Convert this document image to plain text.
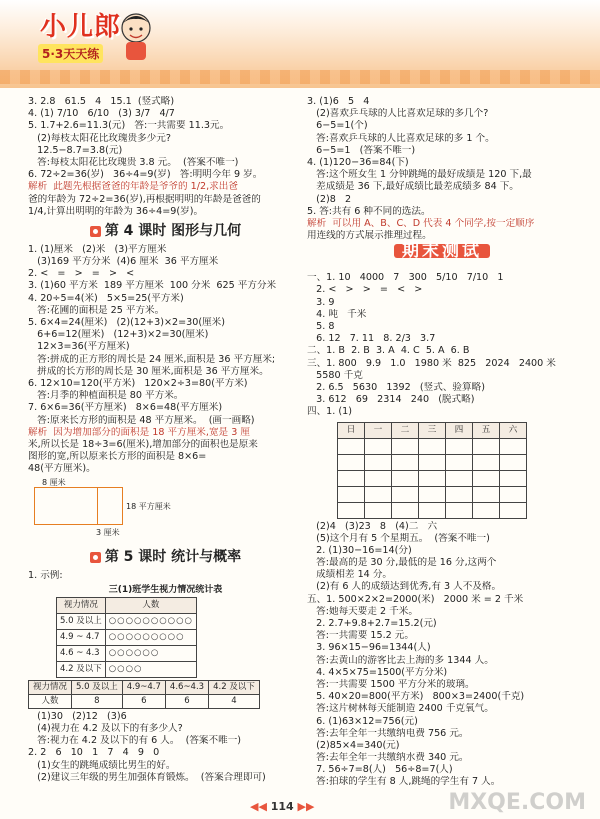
小儿郎
5·3天天练
3. 2.8   61.5   4   15.1  (竖式略)
4. (1) 7/10   6/10   (3) 3/7   4/7
5. 1.7+2.6=11.3(元)   答:一共需要 11.3元。
(2)每枝太阳花比玫瑰贵多少元?
12.5−8.7=3.8(元)
答:每枝太阳花比玫瑰贵 3.8 元。  (答案不唯一)
6. 72÷2=36(岁)   36÷4=9(岁)   答:明明今年 9 岁。
解析  此题先根据爸爸的年龄是爷爷的 1/2,求出爸
爸的年龄为 72÷2=36(岁),再根据明明的年龄是爸爸的
1/4,计算出明明的年龄为 36÷4=9(岁)。
第 4 课时 图形与几何
1. (1)厘米   (2)米   (3)平方厘米
(3)169 平方分米  (4)6 厘米  36 平方厘米
2. <   =   >   =   >   <
3. (1)60 平方米  189 平方厘米  100 分米  625 平方分米
4. 20÷5=4(米)   5×5=25(平方米)
答:花圃的面积是 25 平方米。
5. 6×4=24(厘米)   (2)(12+3)×2=30(厘米)
6+6=12(厘米)   (12+3)×2=30(厘米)
12×3=36(平方厘米)
答:拼成的正方形的周长是 24 厘米,面积是 36 平方厘米;
拼成的长方形的周长是 30 厘米,面积是 36 平方厘米。
6. 12×10=120(平方米)   120×2÷3=80(平方米)
答:月季的种植面积是 80 平方米。
7. 6×6=36(平方厘米)   8×6=48(平方厘米)
答:原来长方形的面积是 48 平方厘米。  (画一画略)
解析  因为增加部分的面积是 18 平方厘米,宽是 3 厘
米,所以长是 18÷3=6(厘米),增加部分的面积也是原来
图形的宽,所以原来长方形的面积是 8×6=
48(平方厘米)。
8 厘米
18 平方厘米
3 厘米
第 5 课时 统计与概率
1. 示例:
三(1)班学生视力情况统计表
视力情况	人数
5.0 及以上	○○○○○○○○○○
4.9 ~ 4.7	○○○○○○○○○
4.6 ~ 4.3	○○○○○○
4.2 及以下	○○○○
视力情况	5.0 及以上	4.9~4.7	4.6~4.3	4.2 及以下
人数	8	6	6	4
(1)30   (2)12   (3)6
(4)视力在 4.2 及以下的有多少人?
答:视力在 4.2 及以下的有 6 人。  (答案不唯一)
2. 2   6   10   1   7   4   9   0
(1)女生的跳绳成绩比男生的好。
(2)建议三年级的男生加强体育锻炼。  (答案合理即可)
3. (1)6   5   4
(2)喜欢乒乓球的人比喜欢足球的多几个?
6−5=1(个)
答:喜欢乒乓球的人比喜欢足球的多 1 个。
6−5=1   (答案不唯一)
4. (1)120−36=84(下)
答:这个班女生 1 分钟跳绳的最好成绩是 120 下,最
差成绩是 36 下,最好成绩比最差成绩多 84 下。
(2)8   2
5. 答:共有 6 种不同的选法。
解析  可以用 A、B、C、D 代表 4 个同学,按一定顺序
用连线的方式展示推理过程。
期末测试
一、1. 10   4000   7   300   5/10   7/10   1
2. <   >   >   =   <   >
3. 9
4. 吨   千米
5. 8
6. 12   7. 11   8. 2/3   3.7
二、1. B  2. B  3. A  4. C  5. A  6. B
三、1. 800   9.9   1.0   1980 米  825   2024   2400 米
5580 千克
2. 6.5   5630   1392   (竖式、验算略)
3. 612   69   2314   240   (脱式略)
四、1. (1)
日	一	二	三	四	五	六

(2)4   (3)23   8   (4)二   六
(5)这个月有 5 个星期五。  (答案不唯一)
2. (1)30−16=14(分)
答:最高的是 30 分,最低的是 16 分,这两个
成绩相差 14 分。
(2)有 6 人的成绩达到优秀,有 3 人不及格。
五、1. 500×2×2=2000(米)   2000 米 = 2 千米
答:她每天要走 2 千米。
2. 2.7+9.8+2.7=15.2(元)
答:一共需要 15.2 元。
3. 96×15−96=1344(人)
答:去黄山的游客比去上海的多 1344 人。
4. 4×5×75=1500(平方分米)
答:一共需要 1500 平方分米的玻璃。
5. 40×20=800(平方米)   800×3=2400(千克)
答:这片树林每天能制造 2400 千克氧气。
6. (1)63×12=756(元)
答:去年全年一共缴纳电费 756 元。
(2)85×4=340(元)
答:去年全年一共缴纳水费 340 元。
7. 56÷7=8(人)   56÷8=7(人)
答:拍球的学生有 8 人,跳绳的学生有 7 人。
◀◀ 114 ▶▶	MXQE.COM
